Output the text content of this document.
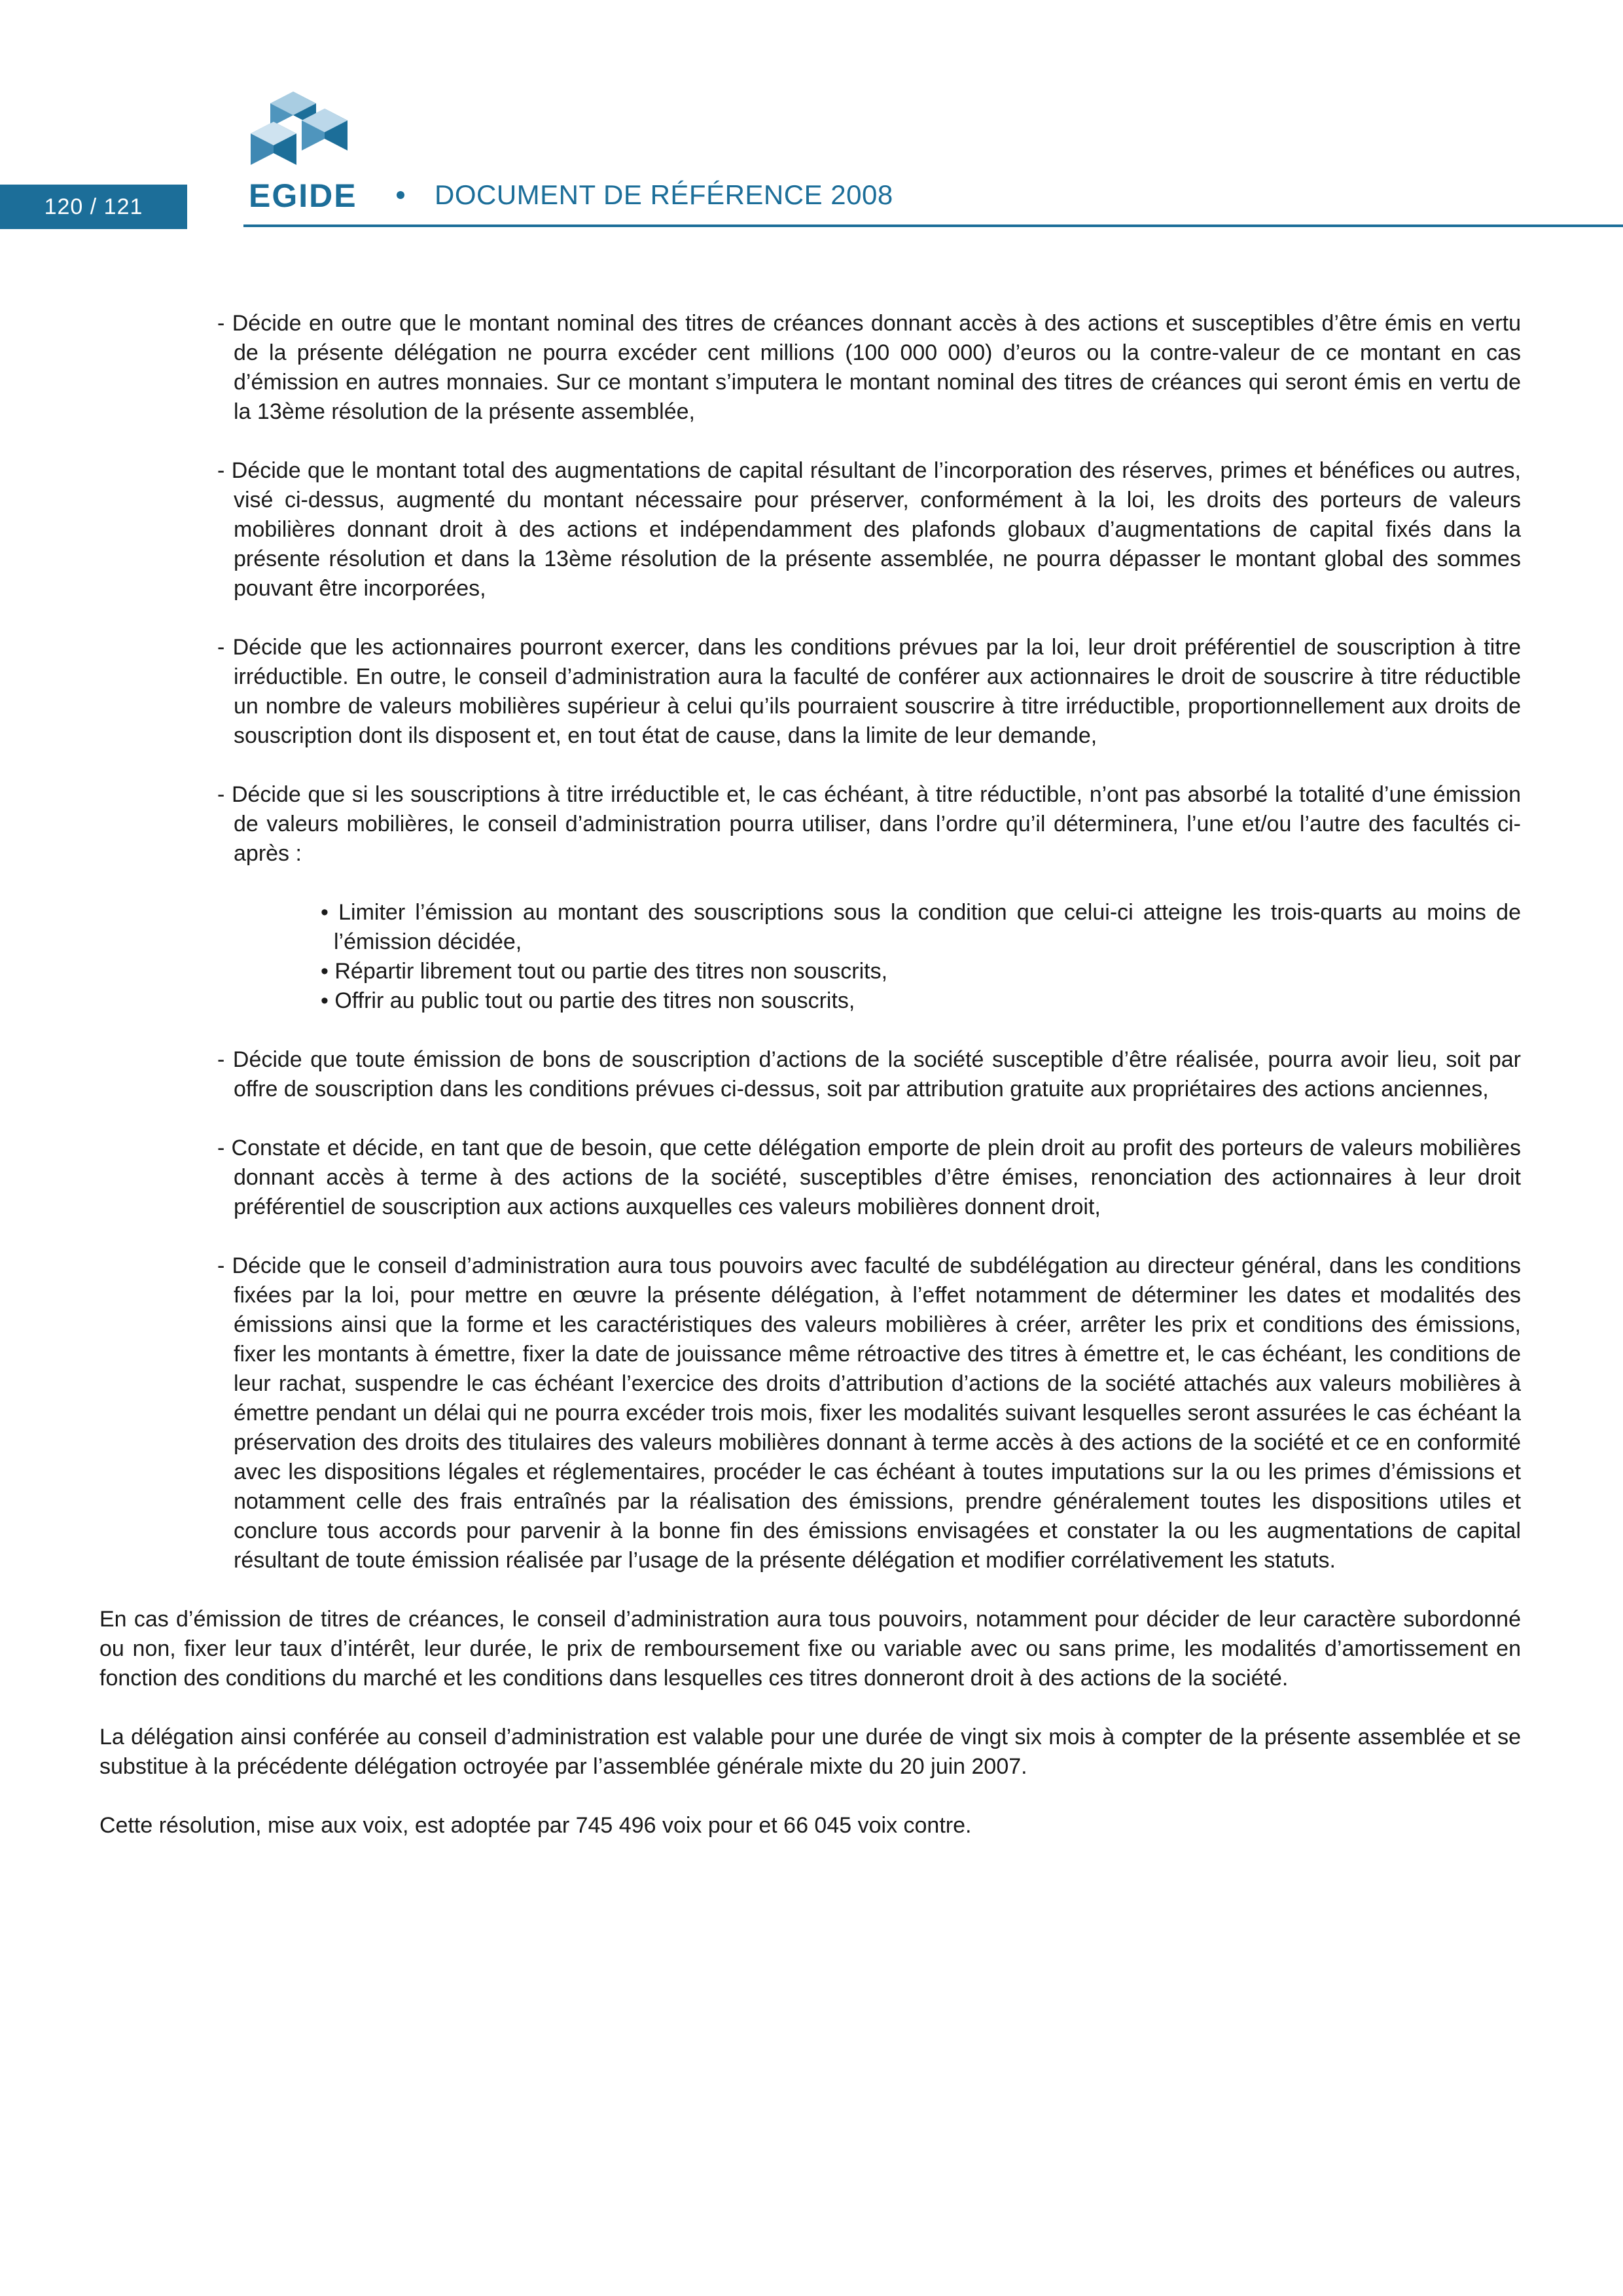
120 / 121	EGIDE	DOCUMENT DE RÉFÉRENCE 2008
- Décide en outre que le montant nominal des titres de créances donnant accès à des actions et susceptibles d’être émis en vertu de la présente délégation ne pourra excéder cent millions (100 000 000) d’euros ou la contre-valeur de ce montant en cas d’émission en autres monnaies. Sur ce montant s’imputera le montant nominal des titres de créances qui seront émis en vertu de la 13ème résolution de la présente assemblée,
- Décide que le montant total des augmentations de capital résultant de l’incorporation des réserves, primes et bénéfices ou autres, visé ci-dessus, augmenté du montant nécessaire pour préserver, conformément à la loi, les droits des porteurs de valeurs mobilières donnant droit à des actions et indépendamment des plafonds globaux d’augmentations de capital fixés dans la présente résolution et dans la 13ème résolution de la présente assemblée, ne pourra dépasser le montant global des sommes pouvant être incorporées,
- Décide que les actionnaires pourront exercer, dans les conditions prévues par la loi, leur droit préférentiel de souscription à titre irréductible. En outre, le conseil d’administration aura la faculté de conférer aux actionnaires le droit de souscrire à titre réductible un nombre de valeurs mobilières supérieur à celui qu’ils pourraient souscrire à titre irréductible, proportionnellement aux droits de souscription dont ils disposent et, en tout état de cause, dans la limite de leur demande,
- Décide que si les souscriptions à titre irréductible et, le cas échéant, à titre réductible, n’ont pas absorbé la totalité d’une émission de valeurs mobilières, le conseil d’administration pourra utiliser, dans l’ordre qu’il déterminera, l’une et/ou l’autre des facultés ci-après :
• Limiter l’émission au montant des souscriptions sous la condition que celui-ci atteigne les trois-quarts au moins de l’émission décidée,
• Répartir librement tout ou partie des titres non souscrits,
• Offrir au public tout ou partie des titres non souscrits,
- Décide que toute émission de bons de souscription d’actions de la société susceptible d’être réalisée, pourra avoir lieu, soit par offre de souscription dans les conditions prévues ci-dessus, soit par attribution gratuite aux propriétaires des actions anciennes,
- Constate et décide, en tant que de besoin, que cette délégation emporte de plein droit au profit des porteurs de valeurs mobilières donnant accès à terme à des actions de la société, susceptibles d’être émises, renonciation des actionnaires à leur droit préférentiel de souscription aux actions auxquelles ces valeurs mobilières donnent droit,
- Décide que le conseil d’administration aura tous pouvoirs avec faculté de subdélégation au directeur général, dans les conditions fixées par la loi, pour mettre en œuvre la présente délégation, à l’effet notamment de déterminer les dates et modalités des émissions ainsi que la forme et les caractéristiques des valeurs mobilières à créer, arrêter les prix et conditions des émissions, fixer les montants à émettre, fixer la date de jouissance même rétroactive des titres à émettre et, le cas échéant, les conditions de leur rachat, suspendre le cas échéant l’exercice des droits d’attribution d’actions de la société attachés aux valeurs mobilières à émettre pendant un délai qui ne pourra excéder trois mois, fixer les modalités suivant lesquelles seront assurées le cas échéant la préservation des droits des titulaires des valeurs mobilières donnant à terme accès à des actions de la société et ce en conformité avec les dispositions légales et réglementaires, procéder le cas échéant à toutes imputations sur la ou les primes d’émissions et notamment celle des frais entraînés par la réalisation des émissions, prendre généralement toutes les dispositions utiles et conclure tous accords pour parvenir à la bonne fin des émissions envisagées et constater la ou les augmentations de capital résultant de toute émission réalisée par l’usage de la présente délégation et modifier corrélativement les statuts.

En cas d’émission de titres de créances, le conseil d’administration aura tous pouvoirs, notamment pour décider de leur caractère subordonné ou non, fixer leur taux d’intérêt, leur durée, le prix de remboursement fixe ou variable avec ou sans prime, les modalités d’amortissement en fonction des conditions du marché et les conditions dans lesquelles ces titres donneront droit à des actions de la société.

La délégation ainsi conférée au conseil d’administration est valable pour une durée de vingt six mois à compter de la présente assemblée et se substitue à la précédente délégation octroyée par l’assemblée générale mixte du 20 juin 2007.

Cette résolution, mise aux voix, est adoptée par 745 496 voix pour et 66 045 voix contre.
